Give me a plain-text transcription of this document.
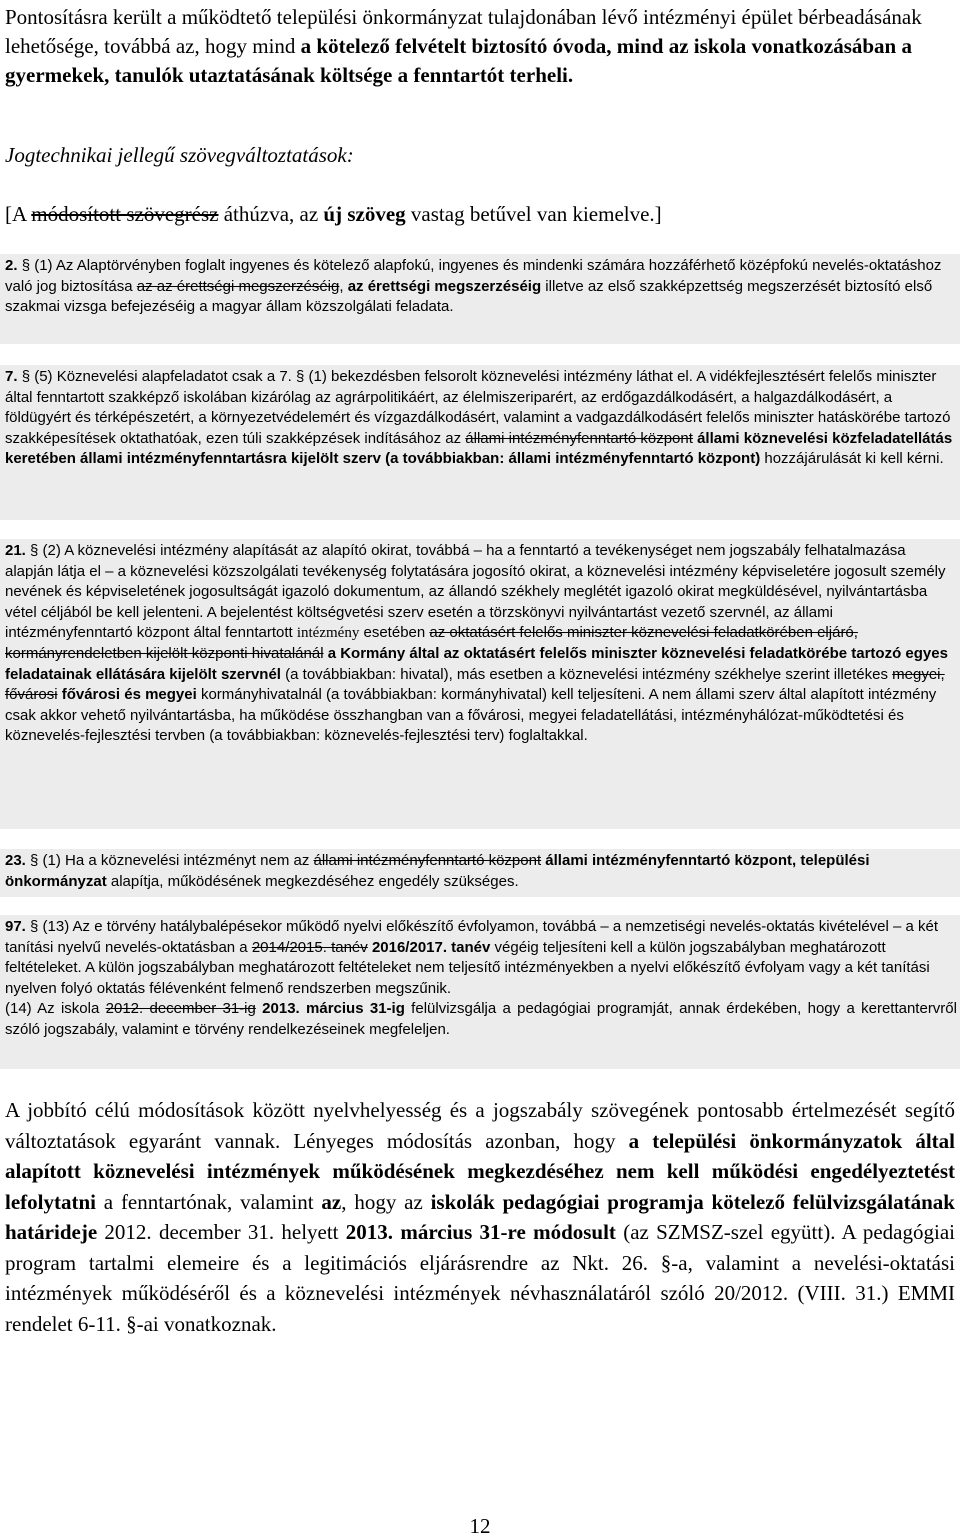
Pontosításra került a működtető települési önkormányzat tulajdonában lévő intézményi épület bérbeadásának lehetősége, továbbá az, hogy mind a kötelező felvételt biztosító óvoda, mind az iskola vonatkozásában a gyermekek, tanulók utaztatásának költsége a fenntartót terheli.

Jogtechnikai jellegű szövegváltoztatások:

[A módosított szövegrész áthúzva, az új szöveg vastag betűvel van kiemelve.]

2. § (1) Az Alaptörvényben foglalt ingyenes és kötelező alapfokú, ingyenes és mindenki számára hozzáférhető középfokú nevelés-oktatáshoz való jog biztosítása az az érettségi megszerzéséig, az érettségi megszerzéséig illetve az első szakképzettség megszerzését biztosító első szakmai vizsga befejezéséig a magyar állam közszolgálati feladata.

7. § (5) Köznevelési alapfeladatot csak a 7. § (1) bekezdésben felsorolt köznevelési intézmény láthat el. A vidékfejlesztésért felelős miniszter által fenntartott szakképző iskolában kizárólag az agrárpolitikáért, az élelmiszeriparért, az erdőgazdálkodásért, a halgazdálkodásért, a földügyért és térképészetért, a környezetvédelemért és vízgazdálkodásért, valamint a vadgazdálkodásért felelős miniszter hatáskörébe tartozó szakképesítések oktathatóak, ezen túli szakképzések indításához az állami intézményfenntartó központ állami köznevelési közfeladatellátás keretében állami intézményfenntartásra kijelölt szerv (a továbbiakban: állami intézményfenntartó központ) hozzájárulását ki kell kérni.

21. § (2) A köznevelési intézmény alapítását az alapító okirat, továbbá – ha a fenntartó a tevékenységet nem jogszabály felhatalmazása alapján látja el – a köznevelési közszolgálati tevékenység folytatására jogosító okirat, a köznevelési intézmény képviseletére jogosult személy nevének és képviseletének jogosultságát igazoló dokumentum, az állandó székhely meglétét igazoló okirat megküldésével, nyilvántartásba vétel céljából be kell jelenteni. A bejelentést költségvetési szerv esetén a törzskönyvi nyilvántartást vezető szervnél, az állami intézményfenntartó központ által fenntartott intézmény esetében az oktatásért felelős miniszter köznevelési feladatkörében eljáró, kormányrendeletben kijelölt központi hivatalánál a Kormány által az oktatásért felelős miniszter köznevelési feladatkörébe tartozó egyes feladatainak ellátására kijelölt szervnél (a továbbiakban: hivatal), más esetben a köznevelési intézmény székhelye szerint illetékes megyei, fővárosi fővárosi és megyei kormányhivatalnál (a továbbiakban: kormányhivatal) kell teljesíteni. A nem állami szerv által alapított intézmény csak akkor vehető nyilvántartásba, ha működése összhangban van a fővárosi, megyei feladatellátási, intézményhálózat-működtetési és köznevelés-fejlesztési tervben (a továbbiakban: köznevelés-fejlesztési terv) foglaltakkal.

23. § (1) Ha a köznevelési intézményt nem az állami intézményfenntartó központ állami intézményfenntartó központ, települési önkormányzat alapítja, működésének megkezdéséhez engedély szükséges.

97. § (13) Az e törvény hatálybalépésekor működő nyelvi előkészítő évfolyamon, továbbá – a nemzetiségi nevelés-oktatás kivételével – a két tanítási nyelvű nevelés-oktatásban a 2014/2015. tanév 2016/2017. tanév végéig teljesíteni kell a külön jogszabályban meghatározott feltételeket. A külön jogszabályban meghatározott feltételeket nem teljesítő intézményekben a nyelvi előkészítő évfolyam vagy a két tanítási nyelven folyó oktatás félévenként felmenő rendszerben megszűnik.

(14) Az iskola 2012. december 31-ig 2013. március 31-ig felülvizsgálja a pedagógiai programját, annak érdekében, hogy a kerettantervről szóló jogszabály, valamint e törvény rendelkezéseinek megfeleljen.

A jobbító célú módosítások között nyelvhelyesség és a jogszabály szövegének pontosabb értelmezését segítő változtatások egyaránt vannak. Lényeges módosítás azonban, hogy a települési önkormányzatok által alapított köznevelési intézmények működésének megkezdéséhez nem kell működési engedélyeztetést lefolytatni a fenntartónak, valamint az, hogy az iskolák pedagógiai programja kötelező felülvizsgálatának határideje 2012. december 31. helyett 2013. március 31-re módosult (az SZMSZ-szel együtt). A pedagógiai program tartalmi elemeire és a legitimációs eljárásrendre az Nkt. 26. §-a, valamint a nevelési-oktatási intézmények működéséről és a köznevelési intézmények névhasználatáról szóló 20/2012. (VIII. 31.) EMMI rendelet 6-11. §-ai vonatkoznak.

12
